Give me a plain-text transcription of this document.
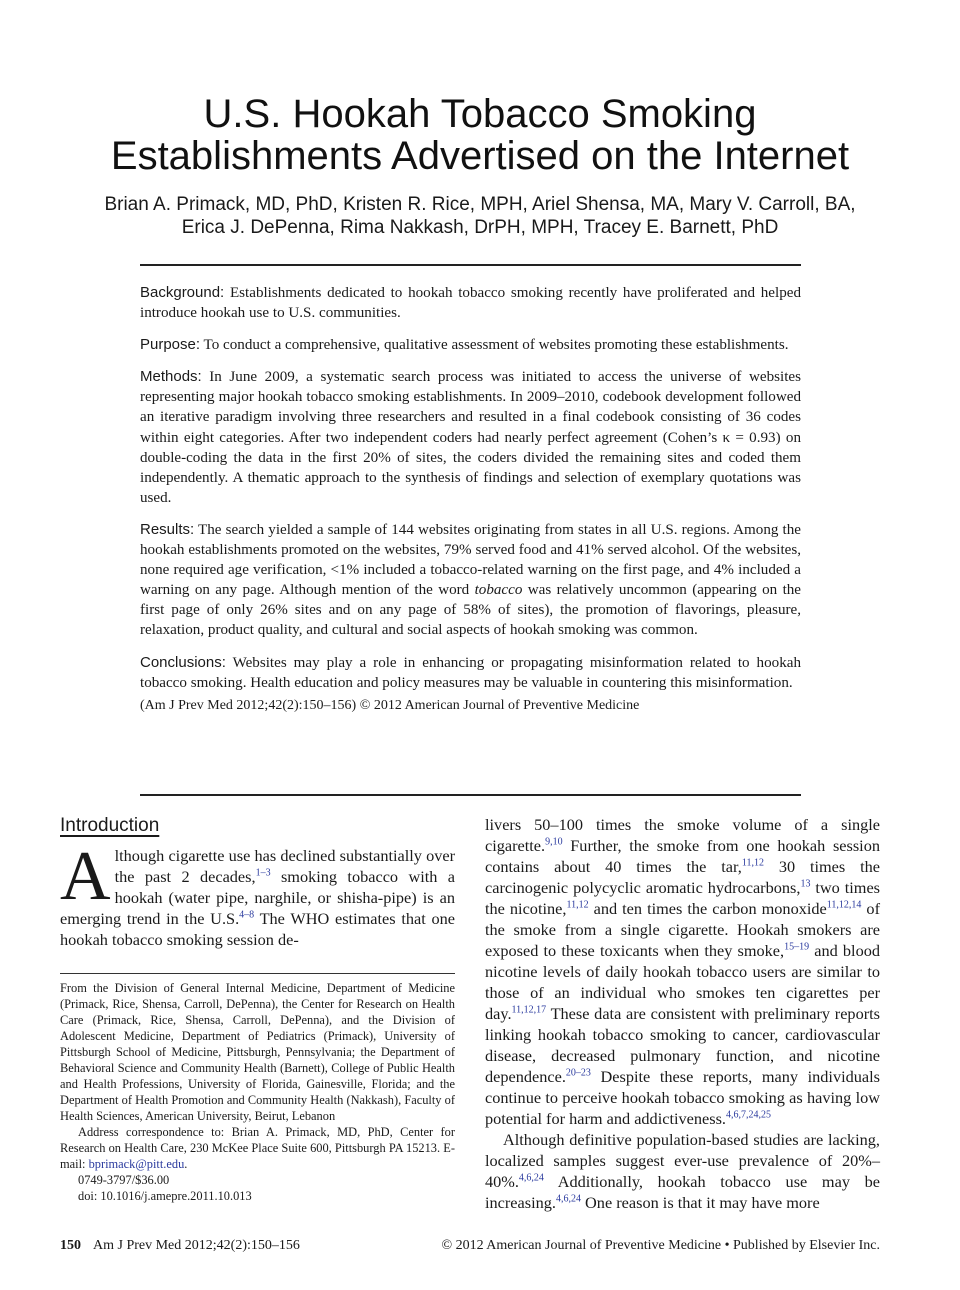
U.S. Hookah Tobacco Smoking
Establishments Advertised on the Internet
Brian A. Primack, MD, PhD, Kristen R. Rice, MPH, Ariel Shensa, MA, Mary V. Carroll, BA,
Erica J. DePenna, Rima Nakkash, DrPH, MPH, Tracey E. Barnett, PhD

Background: Establishments dedicated to hookah tobacco smoking recently have proliferated and helped introduce hookah use to U.S. communities.

Purpose: To conduct a comprehensive, qualitative assessment of websites promoting these establishments.

Methods: In June 2009, a systematic search process was initiated to access the universe of websites representing major hookah tobacco smoking establishments. In 2009–2010, codebook development followed an iterative paradigm involving three researchers and resulted in a final codebook consisting of 36 codes within eight categories. After two independent coders had nearly perfect agreement (Cohen’s κ = 0.93) on double-coding the data in the first 20% of sites, the coders divided the remaining sites and coded them independently. A thematic approach to the synthesis of findings and selection of exemplary quotations was used.

Results: The search yielded a sample of 144 websites originating from states in all U.S. regions. Among the hookah establishments promoted on the websites, 79% served food and 41% served alcohol. Of the websites, none required age verification, <1% included a tobacco-related warning on the first page, and 4% included a warning on any page. Although mention of the word tobacco was relatively uncommon (appearing on the first page of only 26% sites and on any page of 58% of sites), the promotion of flavorings, pleasure, relaxation, product quality, and cultural and social aspects of hookah smoking was common.

Conclusions: Websites may play a role in enhancing or propagating misinformation related to hookah tobacco smoking. Health education and policy measures may be valuable in countering this misinformation.

(Am J Prev Med 2012;42(2):150–156) © 2012 American Journal of Preventive Medicine

Introduction

Although cigarette use has declined substantially over the past 2 decades,$^{1-3}$ smoking tobacco with a hookah (water pipe, narghile, or shisha-pipe) is an emerging trend in the U.S.$^{4-8}$ The WHO estimates that one hookah tobacco smoking session de-

From the Division of General Internal Medicine, Department of Medicine (Primack, Rice, Shensa, Carroll, DePenna), the Center for Research on Health Care (Primack, Rice, Shensa, Carroll, DePenna), and the Division of Adolescent Medicine, Department of Pediatrics (Primack), University of Pittsburgh School of Medicine, Pittsburgh, Pennsylvania; the Department of Behavioral Science and Community Health (Barnett), College of Public Health and Health Professions, University of Florida, Gainesville, Florida; and the Department of Health Promotion and Community Health (Nakkash), Faculty of Health Sciences, American University, Beirut, Lebanon

Address correspondence to: Brian A. Primack, MD, PhD, Center for Research on Health Care, 230 McKee Place Suite 600, Pittsburgh PA 15213. E-mail: bprimack@pitt.edu.

0749-3797/$36.00

doi: 10.1016/j.amepre.2011.10.013

livers 50–100 times the smoke volume of a single cigarette.$^{9,10}$ Further, the smoke from one hookah session contains about 40 times the tar,$^{11,12}$ 30 times the carcinogenic polycyclic aromatic hydrocarbons,$^{13}$ two times the nicotine,$^{11,12}$ and ten times the carbon monoxide$^{11,12,14}$ of the smoke from a single cigarette. Hookah smokers are exposed to these toxicants when they smoke,$^{15-19}$ and blood nicotine levels of daily hookah tobacco users are similar to those of an individual who smokes ten cigarettes per day.$^{11,12,17}$ These data are consistent with preliminary reports linking hookah tobacco smoking to cancer, cardiovascular disease, decreased pulmonary function, and nicotine dependence.$^{20-23}$ Despite these reports, many individuals continue to perceive hookah tobacco smoking as having low potential for harm and addictiveness.$^{4,6,7,24,25}$

Although definitive population-based studies are lacking, localized samples suggest ever-use prevalence of 20%–40%.$^{4,6,24}$ Additionally, hookah tobacco use may be increasing.$^{4,6,24}$ One reason is that it may have more

150 Am J Prev Med 2012;42(2):150–156	© 2012 American Journal of Preventive Medicine • Published by Elsevier Inc.
